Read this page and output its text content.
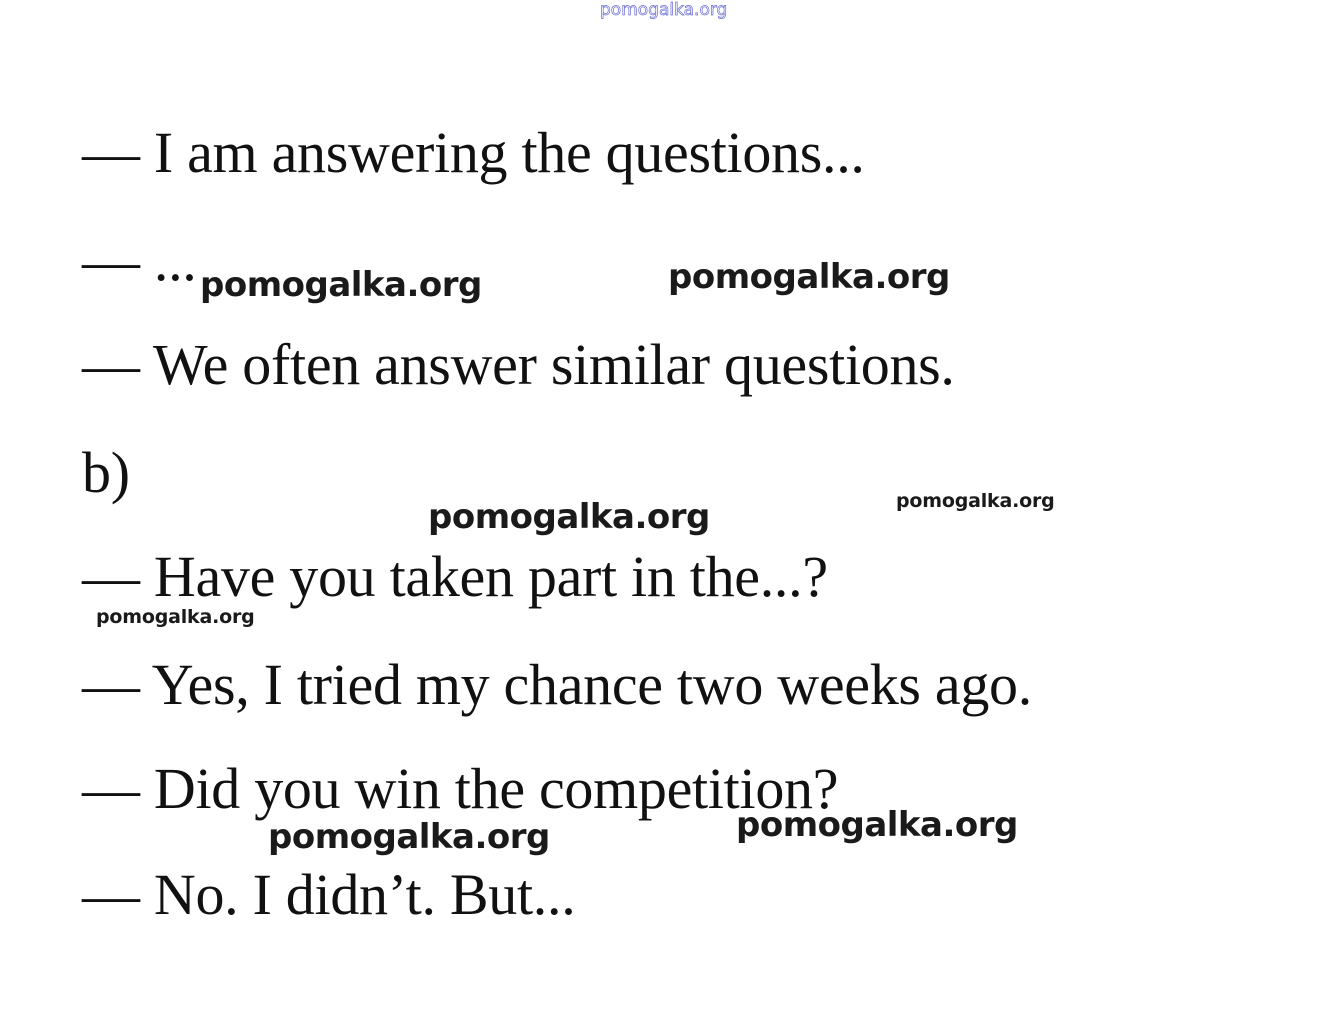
pomogalka.org
— I am answering the questions...
— ...
— We often answer similar questions.
b)
— Have you taken part in the...?
— Yes, I tried my chance two weeks ago.
— Did you win the competition?
— No. I didn’t. But...
pomogalka.org	pomogalka.org
pomogalka.org	pomogalka.org
pomogalka.org
pomogalka.org	pomogalka.org
